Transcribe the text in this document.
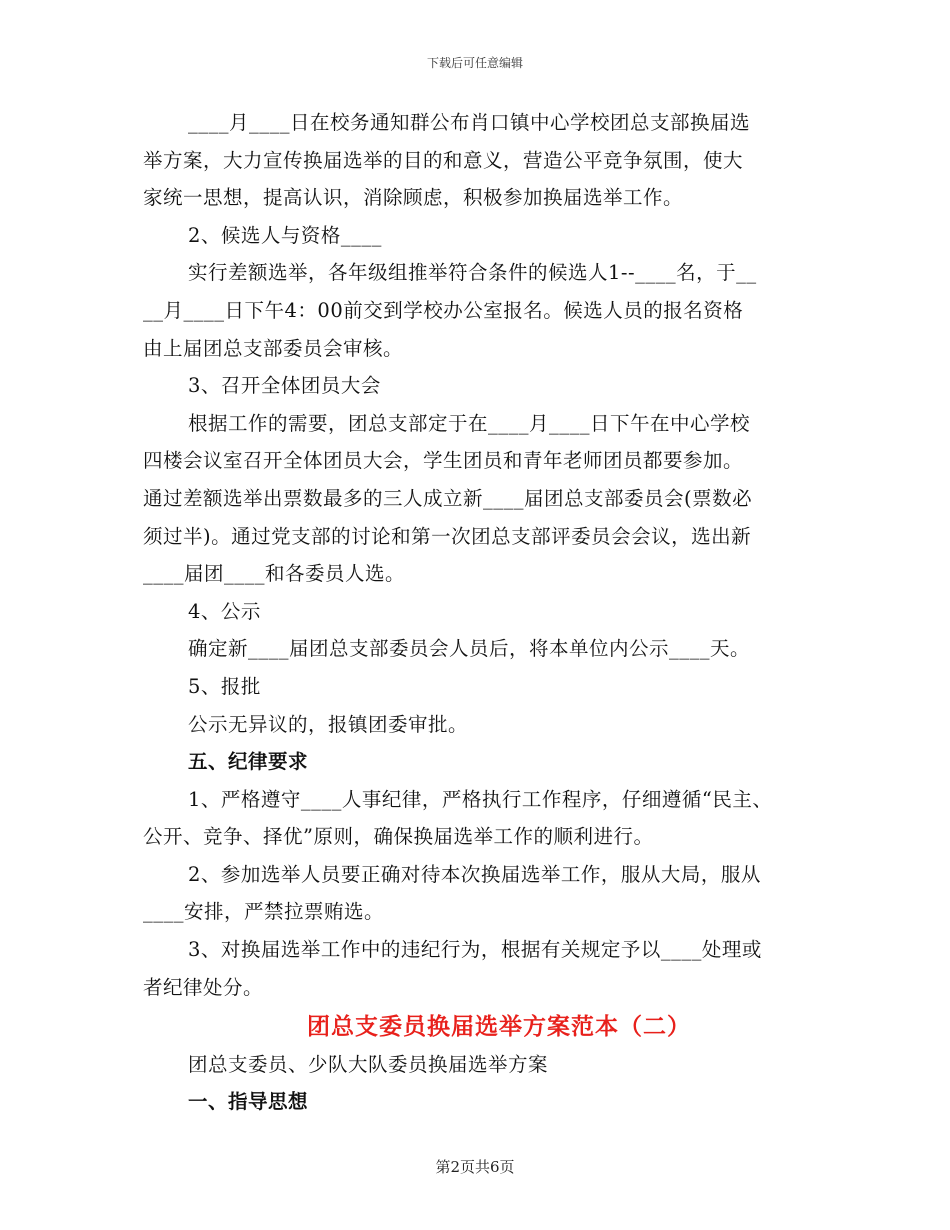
下载后可任意编辑
____月____日在校务通知群公布肖口镇中心学校团总支部换届选
举方案，大力宣传换届选举的目的和意义，营造公平竞争氛围，使大
家统一思想，提高认识，消除顾虑，积极参加换届选举工作。
2、候选人与资格____
实行差额选举，各年级组推举符合条件的候选人1--____名，于__
__月____日下午4：00前交到学校办公室报名。候选人员的报名资格
由上届团总支部委员会审核。
3、召开全体团员大会
根据工作的需要，团总支部定于在____月____日下午在中心学校
四楼会议室召开全体团员大会，学生团员和青年老师团员都要参加。
通过差额选举出票数最多的三人成立新____届团总支部委员会(票数必
须过半)。通过党支部的讨论和第一次团总支部评委员会会议，选出新
____届团____和各委员人选。
4、公示
确定新____届团总支部委员会人员后，将本单位内公示____天。
5、报批
公示无异议的，报镇团委审批。
五、纪律要求
1、严格遵守____人事纪律，严格执行工作程序，仔细遵循“民主、
公开、竞争、择优”原则，确保换届选举工作的顺利进行。
2、参加选举人员要正确对待本次换届选举工作，服从大局，服从
____安排，严禁拉票贿选。
3、对换届选举工作中的违纪行为，根据有关规定予以____处理或
者纪律处分。
团总支委员换届选举方案范本（二）
团总支委员、少队大队委员换届选举方案
一、指导思想
第2页共6页
